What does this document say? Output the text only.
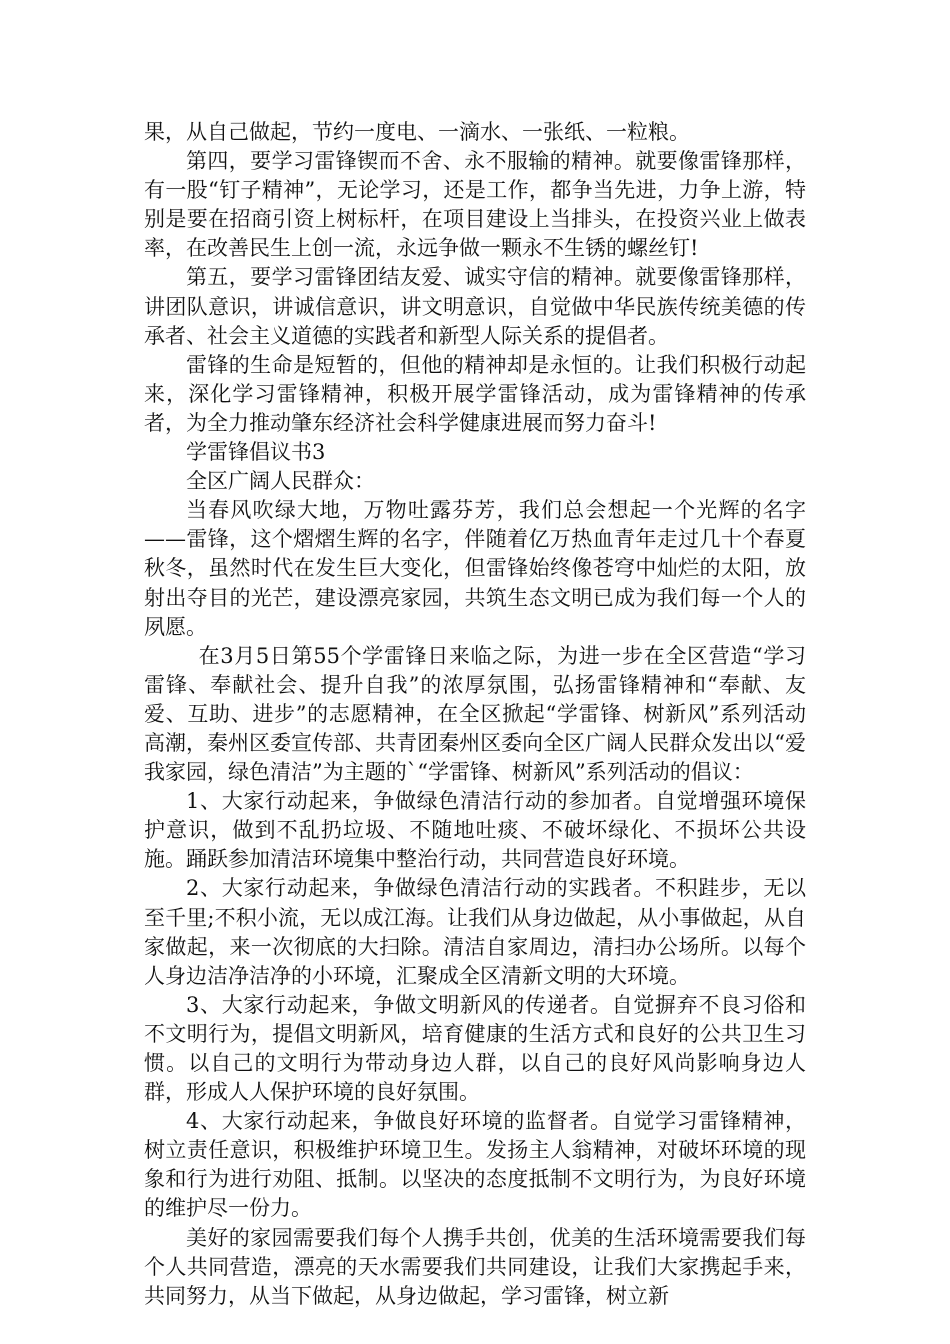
果，从自己做起，节约一度电、一滴水、一张纸、一粒粮。

第四，要学习雷锋锲而不舍、永不服输的精神。就要像雷锋那样，有一股“钉子精神”，无论学习，还是工作，都争当先进，力争上游，特别是要在招商引资上树标杆，在项目建设上当排头，在投资兴业上做表率，在改善民生上创一流，永远争做一颗永不生锈的螺丝钉!

第五，要学习雷锋团结友爱、诚实守信的精神。就要像雷锋那样，讲团队意识，讲诚信意识，讲文明意识，自觉做中华民族传统美德的传承者、社会主义道德的实践者和新型人际关系的提倡者。

雷锋的生命是短暂的，但他的精神却是永恒的。让我们积极行动起来，深化学习雷锋精神，积极开展学雷锋活动，成为雷锋精神的传承者，为全力推动肇东经济社会科学健康进展而努力奋斗!

学雷锋倡议书3

全区广阔人民群众：

当春风吹绿大地，万物吐露芬芳，我们总会想起一个光辉的名字——雷锋，这个熠熠生辉的名字，伴随着亿万热血青年走过几十个春夏秋冬，虽然时代在发生巨大变化，但雷锋始终像苍穹中灿烂的太阳，放射出夺目的光芒，建设漂亮家园，共筑生态文明已成为我们每一个人的夙愿。

在3月5日第55个学雷锋日来临之际，为进一步在全区营造“学习雷锋、奉献社会、提升自我”的浓厚氛围，弘扬雷锋精神和“奉献、友爱、互助、进步”的志愿精神，在全区掀起“学雷锋、树新风”系列活动高潮，秦州区委宣传部、共青团秦州区委向全区广阔人民群众发出以“爱我家园，绿色清洁”为主题的`“学雷锋、树新风”系列活动的倡议：

1、大家行动起来，争做绿色清洁行动的参加者。自觉增强环境保护意识，做到不乱扔垃圾、不随地吐痰、不破坏绿化、不损坏公共设施。踊跃参加清洁环境集中整治行动，共同营造良好环境。

2、大家行动起来，争做绿色清洁行动的实践者。不积跬步，无以至千里;不积小流，无以成江海。让我们从身边做起，从小事做起，从自家做起，来一次彻底的大扫除。清洁自家周边，清扫办公场所。以每个人身边洁净洁净的小环境，汇聚成全区清新文明的大环境。

3、大家行动起来，争做文明新风的传递者。自觉摒弃不良习俗和不文明行为，提倡文明新风，培育健康的生活方式和良好的公共卫生习惯。以自己的文明行为带动身边人群，以自己的良好风尚影响身边人群，形成人人保护环境的良好氛围。

4、大家行动起来，争做良好环境的监督者。自觉学习雷锋精神，树立责任意识，积极维护环境卫生。发扬主人翁精神，对破坏环境的现象和行为进行劝阻、抵制。以坚决的态度抵制不文明行为，为良好环境的维护尽一份力。

美好的家园需要我们每个人携手共创，优美的生活环境需要我们每个人共同营造，漂亮的天水需要我们共同建设，让我们大家携起手来，共同努力，从当下做起，从身边做起，学习雷锋，树立新
